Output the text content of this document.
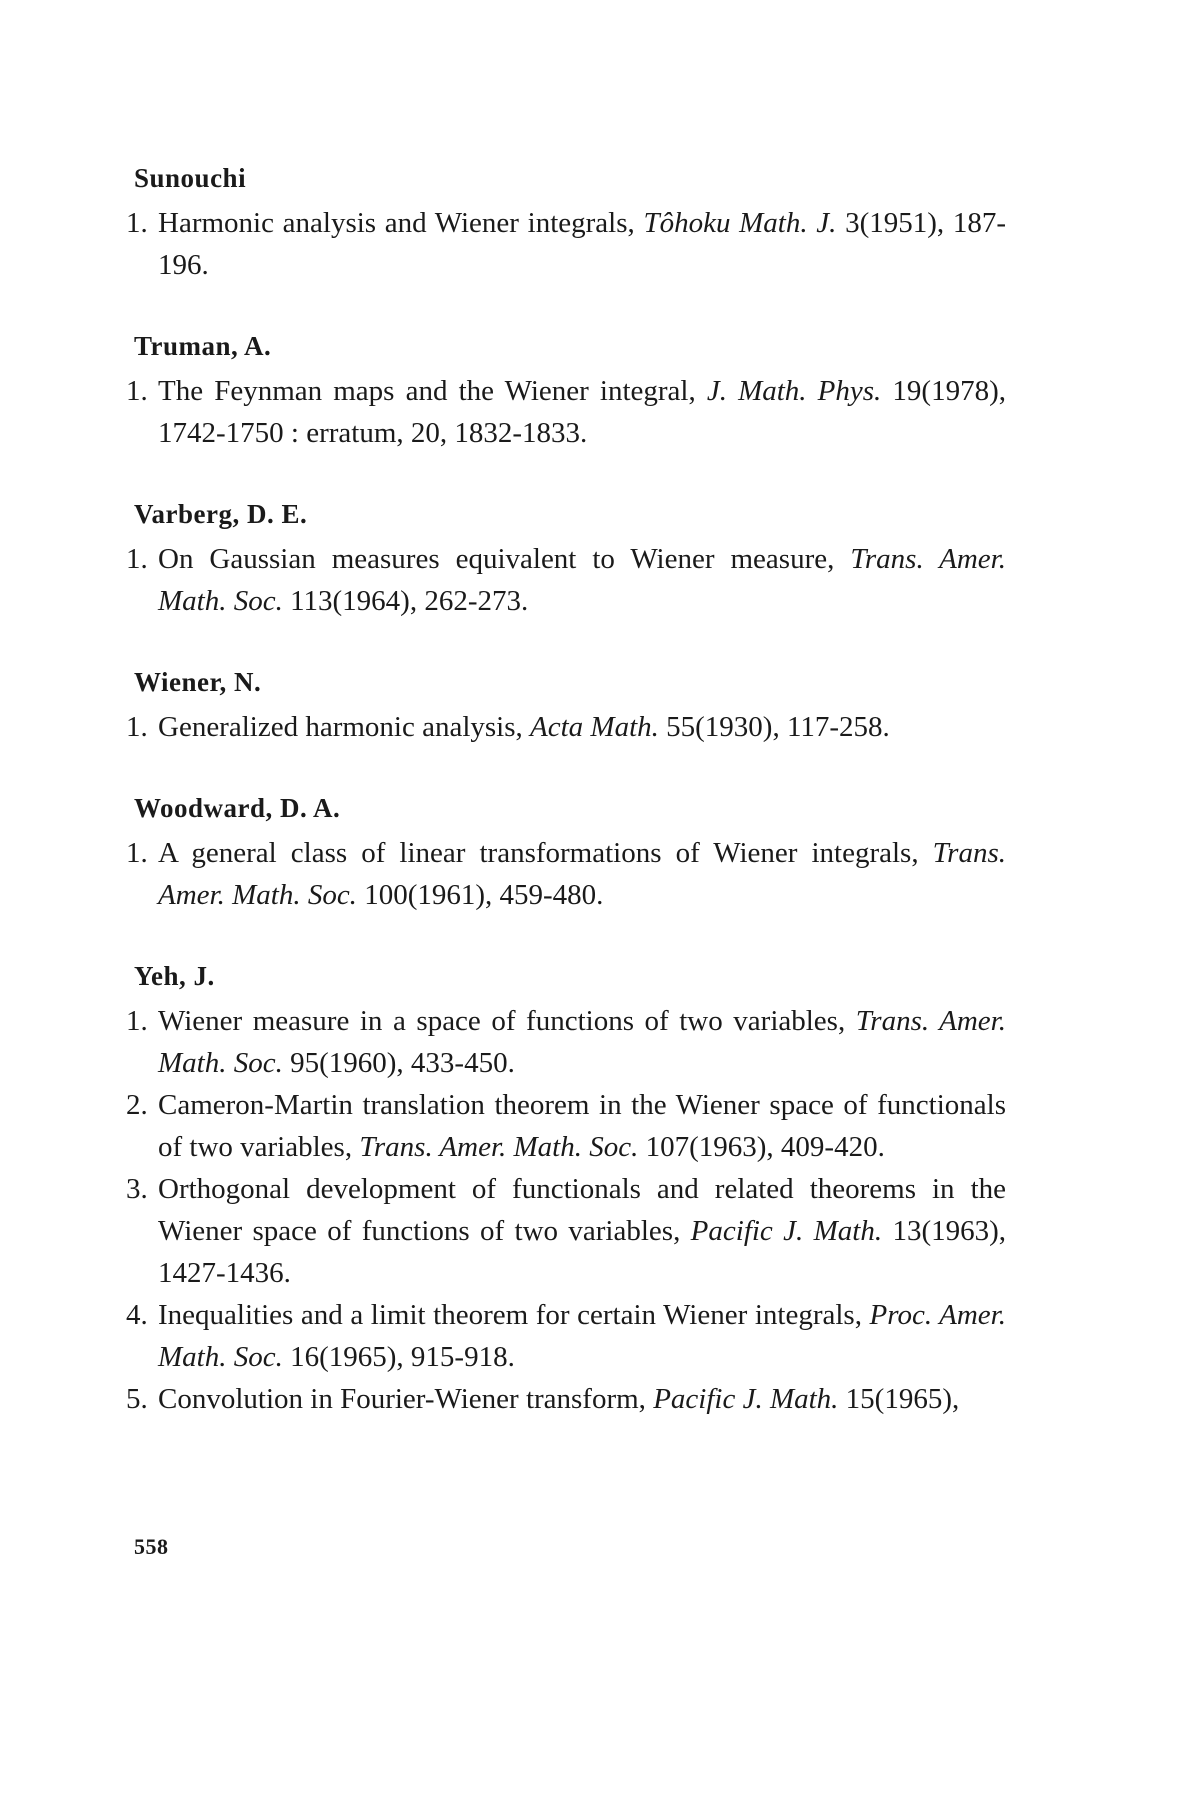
Sunouchi
1. Harmonic analysis and Wiener integrals, Tôhoku Math. J. 3(1951), 187-196.
Truman, A.
1. The Feynman maps and the Wiener integral, J. Math. Phys. 19(1978), 1742-1750 : erratum, 20, 1832-1833.
Varberg, D. E.
1. On Gaussian measures equivalent to Wiener measure, Trans. Amer. Math. Soc. 113(1964), 262-273.
Wiener, N.
1. Generalized harmonic analysis, Acta Math. 55(1930), 117-258.
Woodward, D. A.
1. A general class of linear transformations of Wiener integrals, Trans. Amer. Math. Soc. 100(1961), 459-480.
Yeh, J.
1. Wiener measure in a space of functions of two variables, Trans. Amer. Math. Soc. 95(1960), 433-450.
2. Cameron-Martin translation theorem in the Wiener space of functionals of two variables, Trans. Amer. Math. Soc. 107(1963), 409-420.
3. Orthogonal development of functionals and related theorems in the Wiener space of functions of two variables, Pacific J. Math. 13(1963), 1427-1436.
4. Inequalities and a limit theorem for certain Wiener integrals, Proc. Amer. Math. Soc. 16(1965), 915-918.
5. Convolution in Fourier-Wiener transform, Pacific J. Math. 15(1965),
558
